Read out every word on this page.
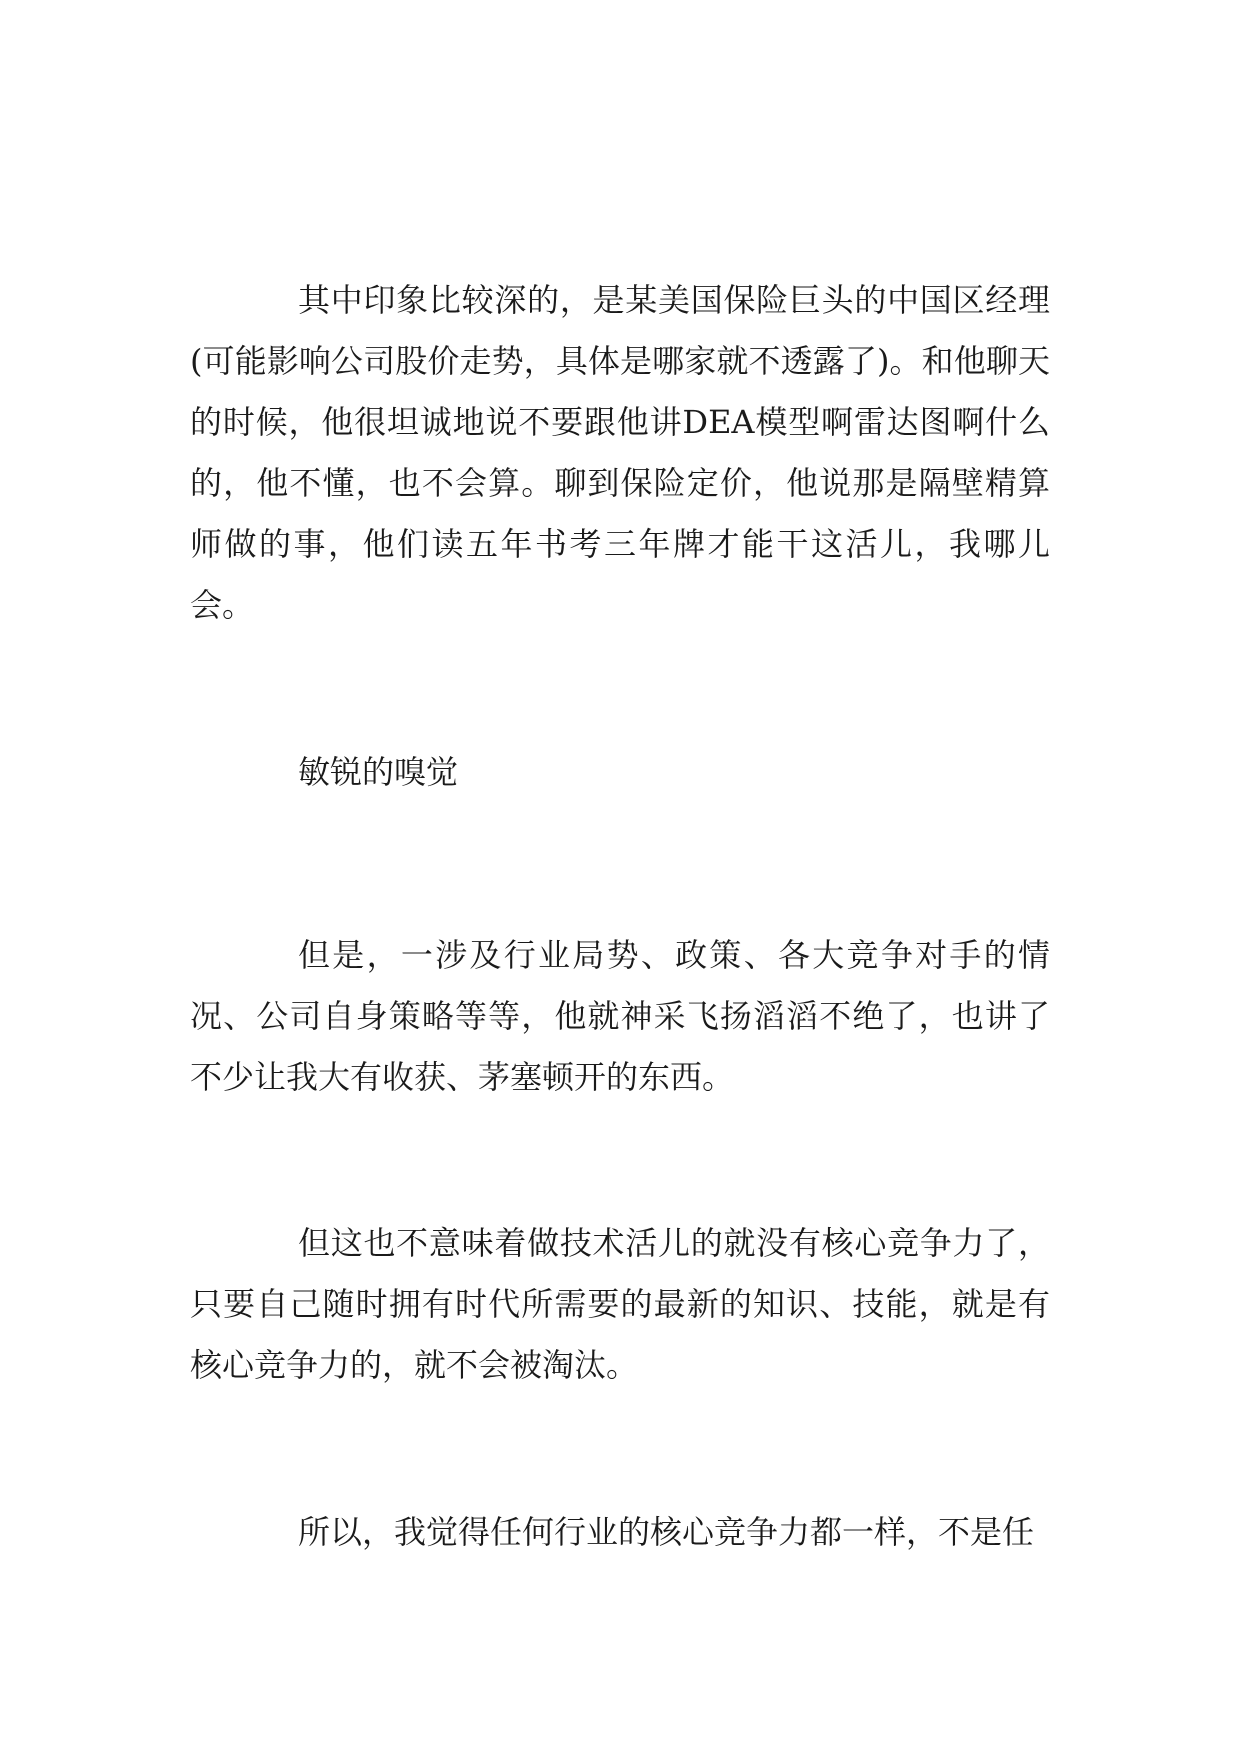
其中印象比较深的，是某美国保险巨头的中国区经理(可能影响公司股价走势，具体是哪家就不透露了)。和他聊天的时候，他很坦诚地说不要跟他讲DEA模型啊雷达图啊什么的，他不懂，也不会算。聊到保险定价，他说那是隔壁精算师做的事，他们读五年书考三年牌才能干这活儿，我哪儿会。

敏锐的嗅觉

但是，一涉及行业局势、政策、各大竞争对手的情况、公司自身策略等等，他就神采飞扬滔滔不绝了，也讲了不少让我大有收获、茅塞顿开的东西。

但这也不意味着做技术活儿的就没有核心竞争力了，只要自己随时拥有时代所需要的最新的知识、技能，就是有核心竞争力的，就不会被淘汰。

所以，我觉得任何行业的核心竞争力都一样，不是任
